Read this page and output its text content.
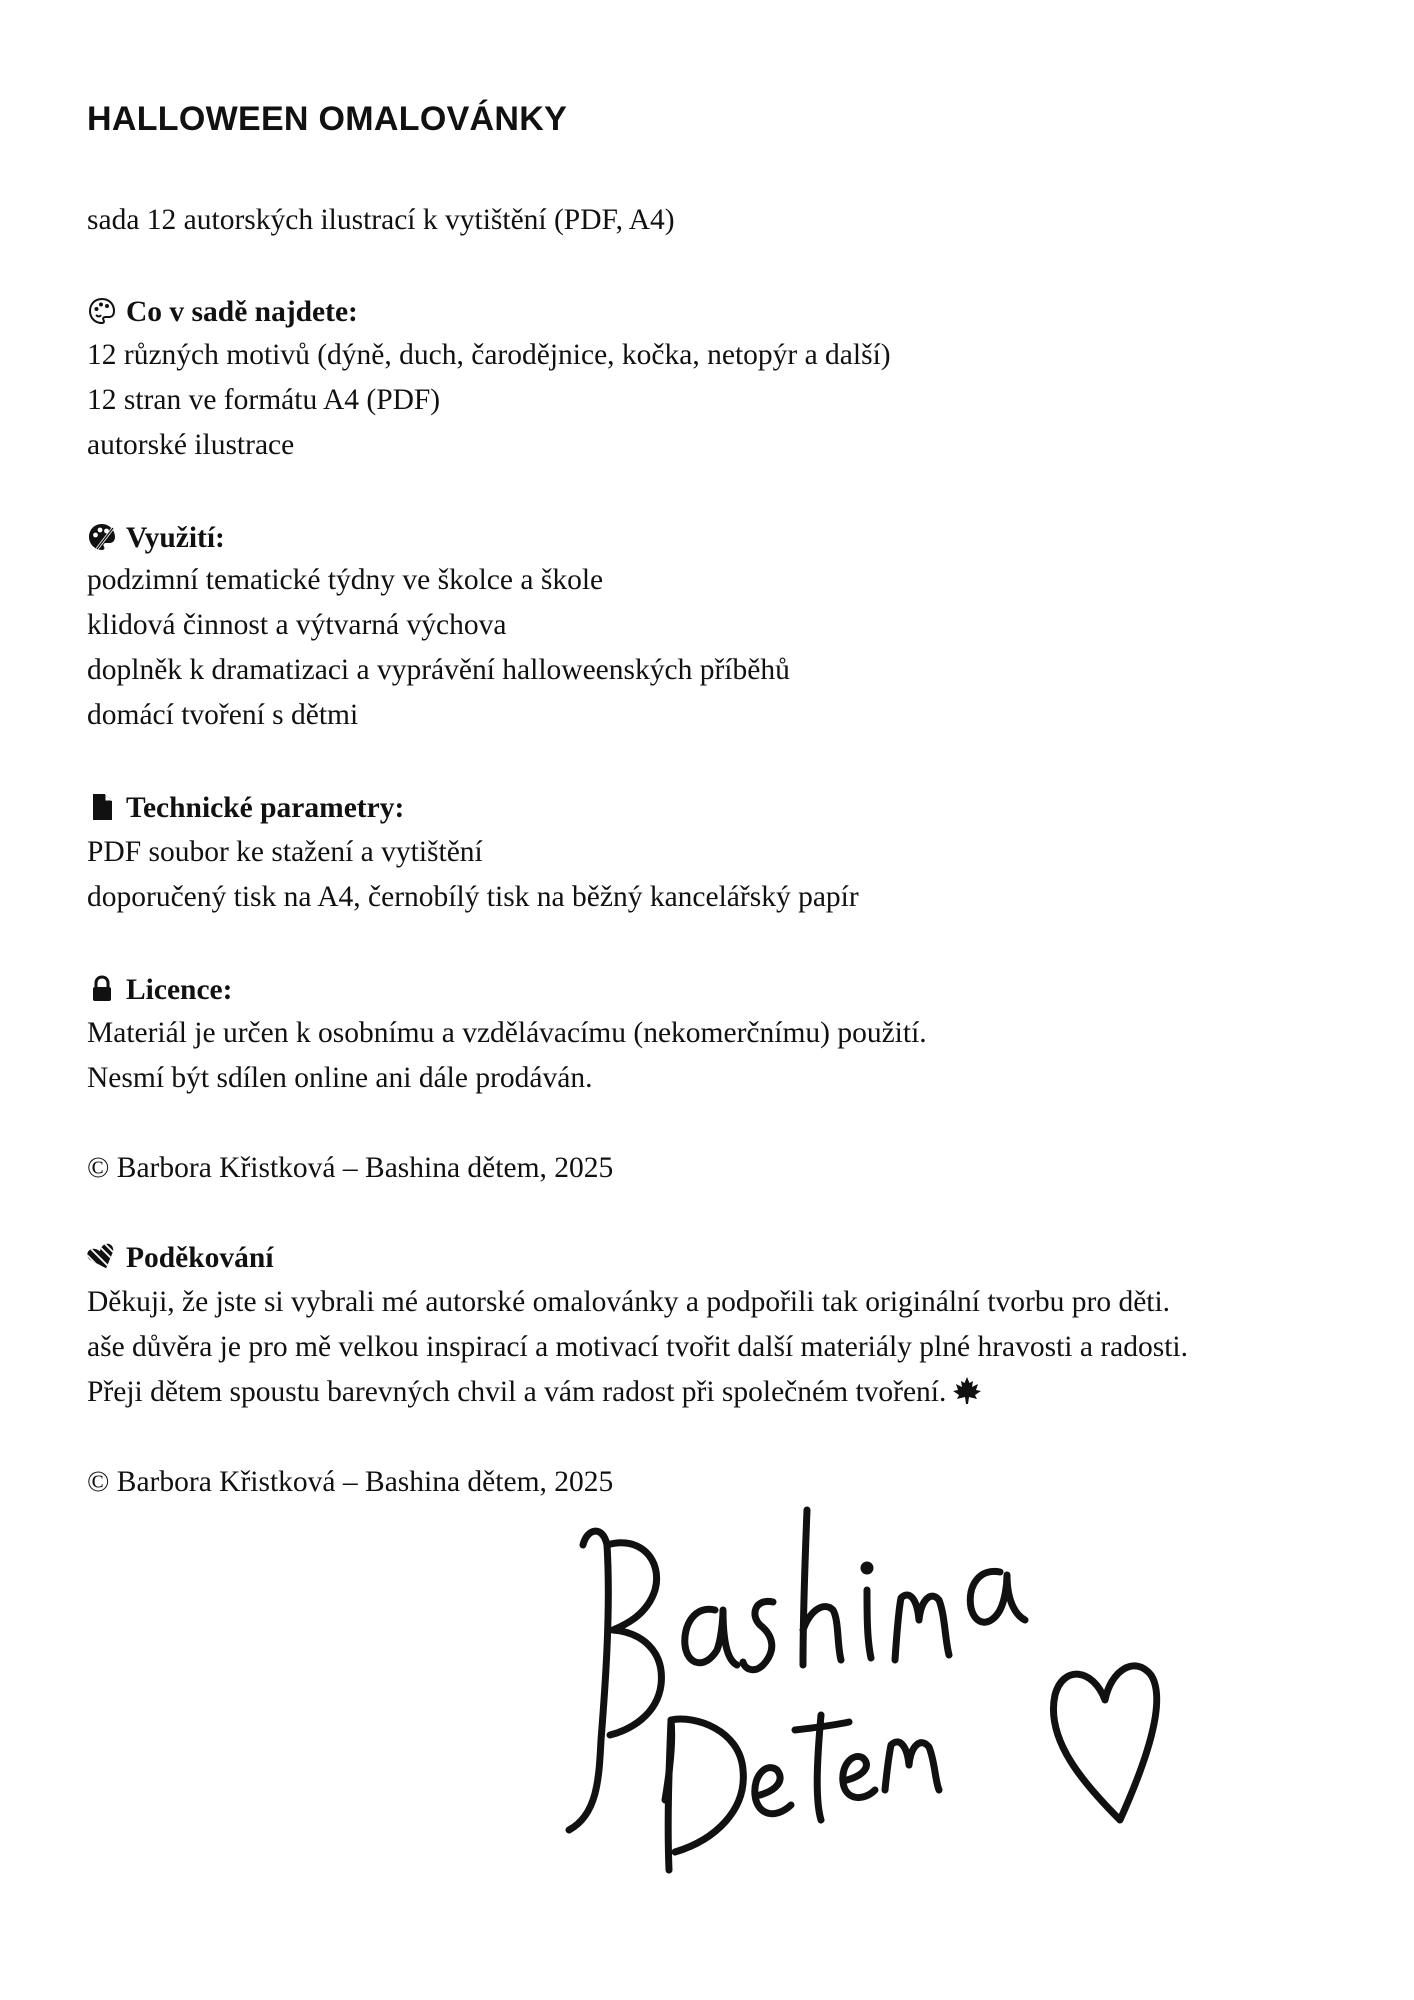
HALLOWEEN OMALOVÁNKY
sada 12 autorských ilustrací k vytištění (PDF, A4)
Co v sadě najdete:
12 různých motivů (dýně, duch, čarodějnice, kočka, netopýr a další)
12 stran ve formátu A4 (PDF)
autorské ilustrace
Využití:
podzimní tematické týdny ve školce a škole
klidová činnost a výtvarná výchova
doplněk k dramatizaci a vyprávění halloweenských příběhů
domácí tvoření s dětmi
Technické parametry:
PDF soubor ke stažení a vytištění
doporučený tisk na A4, černobílý tisk na běžný kancelářský papír
Licence:
Materiál je určen k osobnímu a vzdělávacímu (nekomerčnímu) použití.
Nesmí být sdílen online ani dále prodáván.
© Barbora Křistková – Bashina dětem, 2025
Poděkování
Děkuji, že jste si vybrali mé autorské omalovánky a podpořili tak originální tvorbu pro děti.
aše důvěra je pro mě velkou inspirací a motivací tvořit další materiály plné hravosti a radosti.
Přeji dětem spoustu barevných chvil a vám radost při společném tvoření.
© Barbora Křistková – Bashina dětem, 2025
Bashina Dětem
